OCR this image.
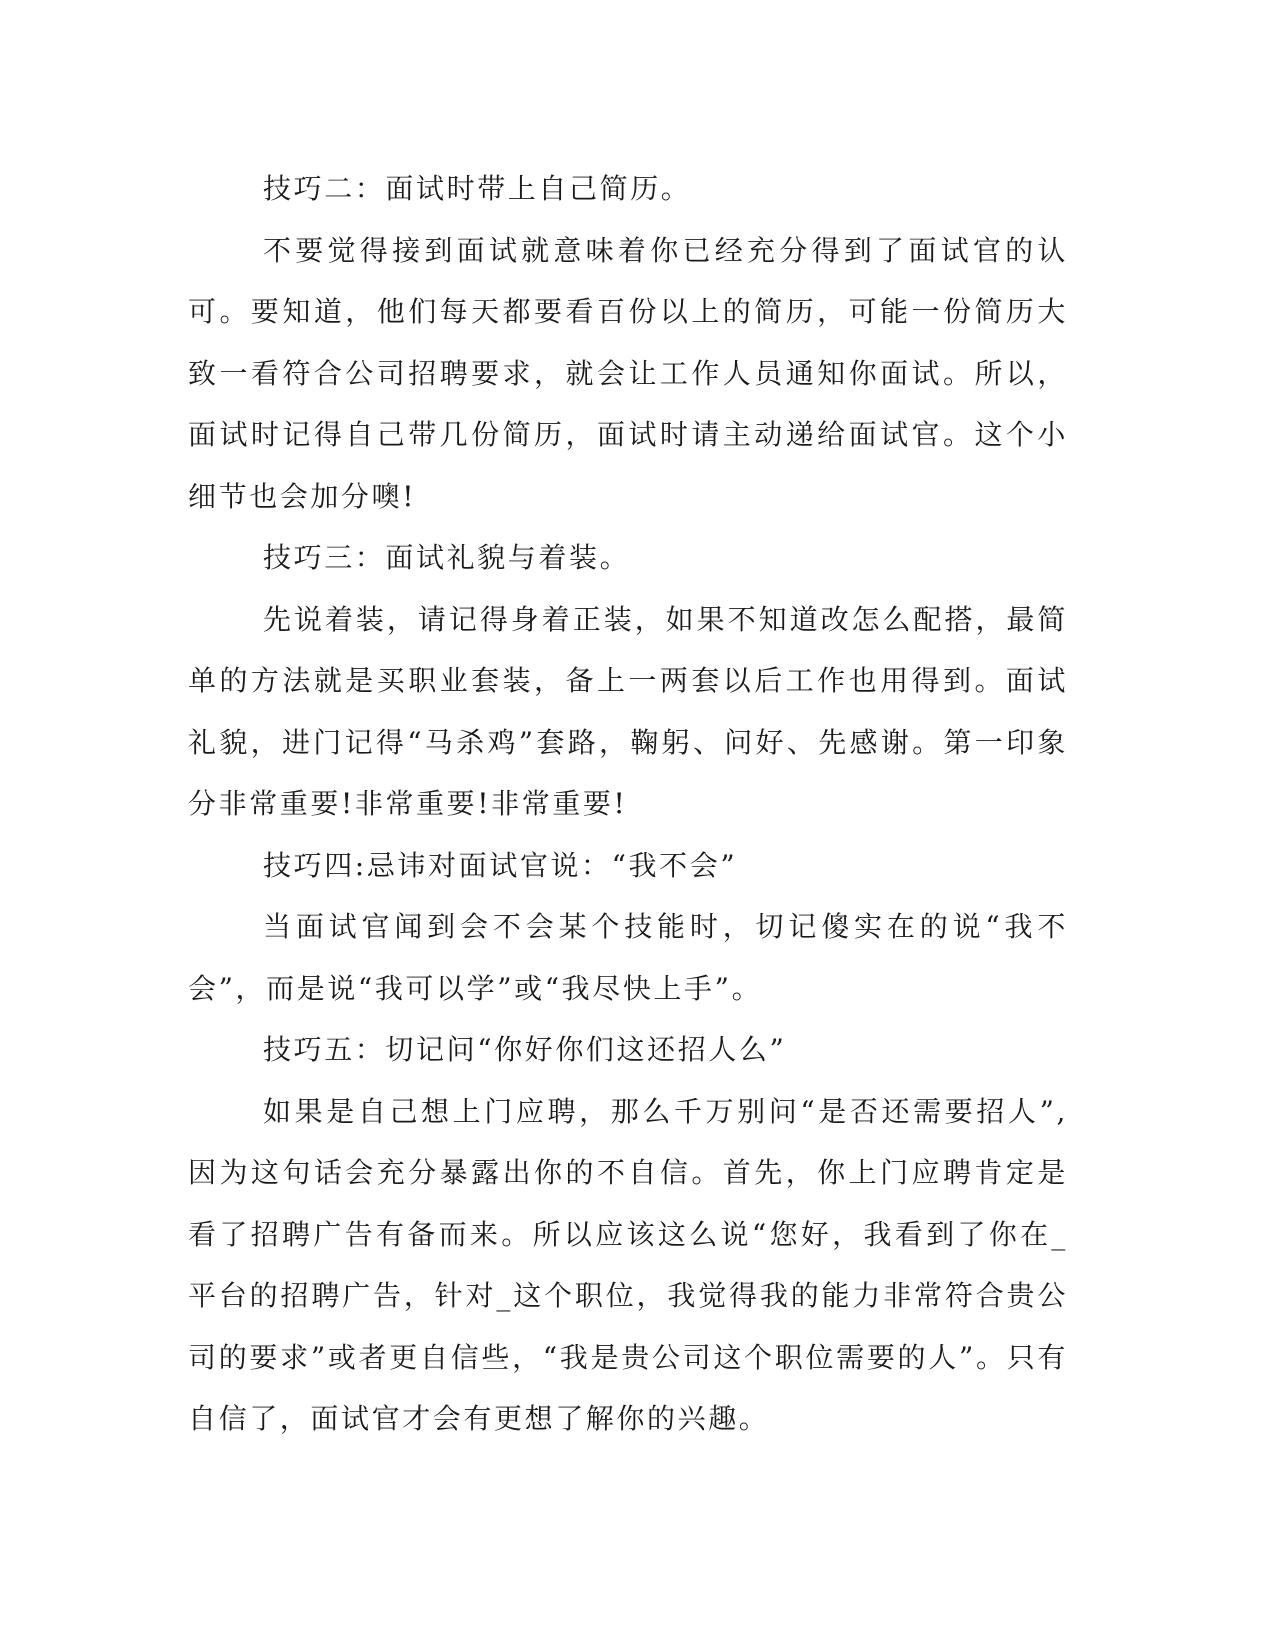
技巧二：面试时带上自己简历。

不要觉得接到面试就意味着你已经充分得到了面试官的认可。要知道，他们每天都要看百份以上的简历，可能一份简历大致一看符合公司招聘要求，就会让工作人员通知你面试。所以，面试时记得自己带几份简历，面试时请主动递给面试官。这个小细节也会加分噢!

技巧三：面试礼貌与着装。

先说着装，请记得身着正装，如果不知道改怎么配搭，最简单的方法就是买职业套装，备上一两套以后工作也用得到。面试礼貌，进门记得“马杀鸡”套路，鞠躬、问好、先感谢。第一印象分非常重要!非常重要!非常重要!

技巧四:忌讳对面试官说：“我不会”

当面试官闻到会不会某个技能时，切记傻实在的说“我不会”，而是说“我可以学”或“我尽快上手”。

技巧五：切记问“你好你们这还招人么”

如果是自己想上门应聘，那么千万别问“是否还需要招人”,因为这句话会充分暴露出你的不自信。首先，你上门应聘肯定是看了招聘广告有备而来。所以应该这么说“您好，我看到了你在_平台的招聘广告，针对_这个职位，我觉得我的能力非常符合贵公司的要求”或者更自信些，“我是贵公司这个职位需要的人”。只有自信了，面试官才会有更想了解你的兴趣。
